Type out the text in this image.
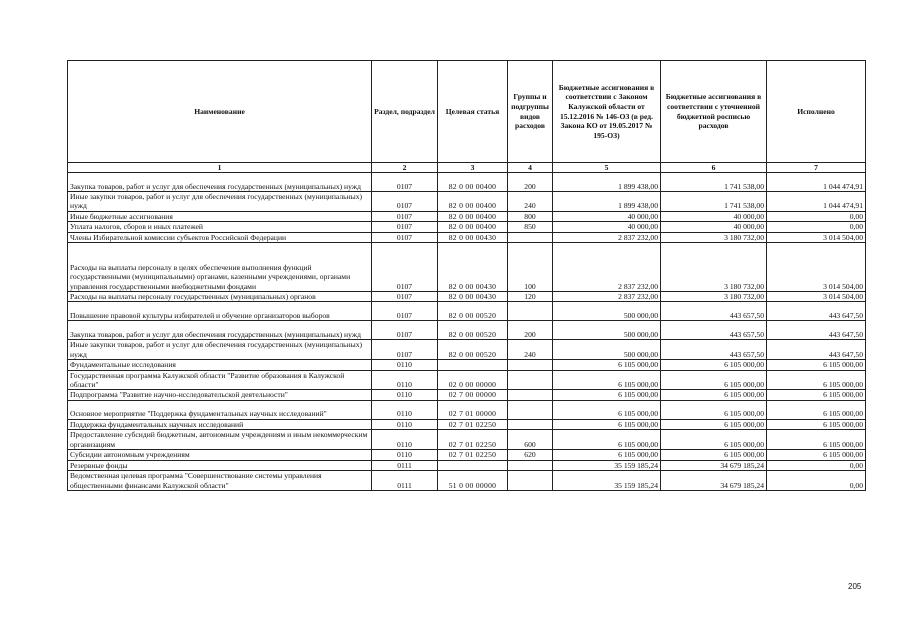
Наименование	Раздел, подраздел	Целевая статья	Группы и подгруппы видов расходов	Бюджетные ассигнования в соответствии с Законом Калужской области от 15.12.2016 № 146-ОЗ (в ред. Закона КО от 19.05.2017 № 195-ОЗ)	Бюджетные ассигнования в соответствии с уточненной бюджетной росписью расходов	Исполнено
1	2	3	4	5	6	7
Закупка товаров, работ и услуг для обеспечения государственных (муниципальных) нужд	0107	82 0 00 00400	200	1 899 438,00	1 741 538,00	1 044 474,91
Иные закупки товаров, работ и услуг для обеспечения государственных (муниципальных) нужд	0107	82 0 00 00400	240	1 899 438,00	1 741 538,00	1 044 474,91
Иные бюджетные ассигнования	0107	82 0 00 00400	800	40 000,00	40 000,00	0,00
Уплата налогов, сборов и иных платежей	0107	82 0 00 00400	850	40 000,00	40 000,00	0,00
Члены Избирательной комиссии субъектов Российской Федерации	0107	82 0 00 00430		2 837 232,00	3 180 732,00	3 014 504,00
Расходы на выплаты персоналу в целях обеспечения выполнения функций государственными (муниципальными) органами, казенными учреждениями, органами управления государственными внебюджетными фондами	0107	82 0 00 00430	100	2 837 232,00	3 180 732,00	3 014 504,00
Расходы на выплаты персоналу государственных (муниципальных) органов	0107	82 0 00 00430	120	2 837 232,00	3 180 732,00	3 014 504,00
Повышение правовой культуры избирателей и обучение организаторов выборов	0107	82 0 00 00520		500 000,00	443 657,50	443 647,50
Закупка товаров, работ и услуг для обеспечения государственных (муниципальных) нужд	0107	82 0 00 00520	200	500 000,00	443 657,50	443 647,50
Иные закупки товаров, работ и услуг для обеспечения государственных (муниципальных) нужд	0107	82 0 00 00520	240	500 000,00	443 657,50	443 647,50
Фундаментальные исследования	0110			6 105 000,00	6 105 000,00	6 105 000,00
Государственная программа Калужской области "Развитие образования в Калужской области"	0110	02 0 00 00000		6 105 000,00	6 105 000,00	6 105 000,00
Подпрограмма "Развитие научно-исследовательской деятельности"	0110	02 7 00 00000		6 105 000,00	6 105 000,00	6 105 000,00
Основное мероприятие "Поддержка фундаментальных научных исследований"	0110	02 7 01 00000		6 105 000,00	6 105 000,00	6 105 000,00
Поддержка фундаментальных научных исследований	0110	02 7 01 02250		6 105 000,00	6 105 000,00	6 105 000,00
Предоставление субсидий бюджетным, автономным учреждениям и иным некоммерческим организациям	0110	02 7 01 02250	600	6 105 000,00	6 105 000,00	6 105 000,00
Субсидии автономным учреждениям	0110	02 7 01 02250	620	6 105 000,00	6 105 000,00	6 105 000,00
Резервные фонды	0111			35 159 185,24	34 679 185,24	0,00
Ведомственная целевая программа "Совершенствование системы управления общественными финансами Калужской области"	0111	51 0 00 00000		35 159 185,24	34 679 185,24	0,00
205
